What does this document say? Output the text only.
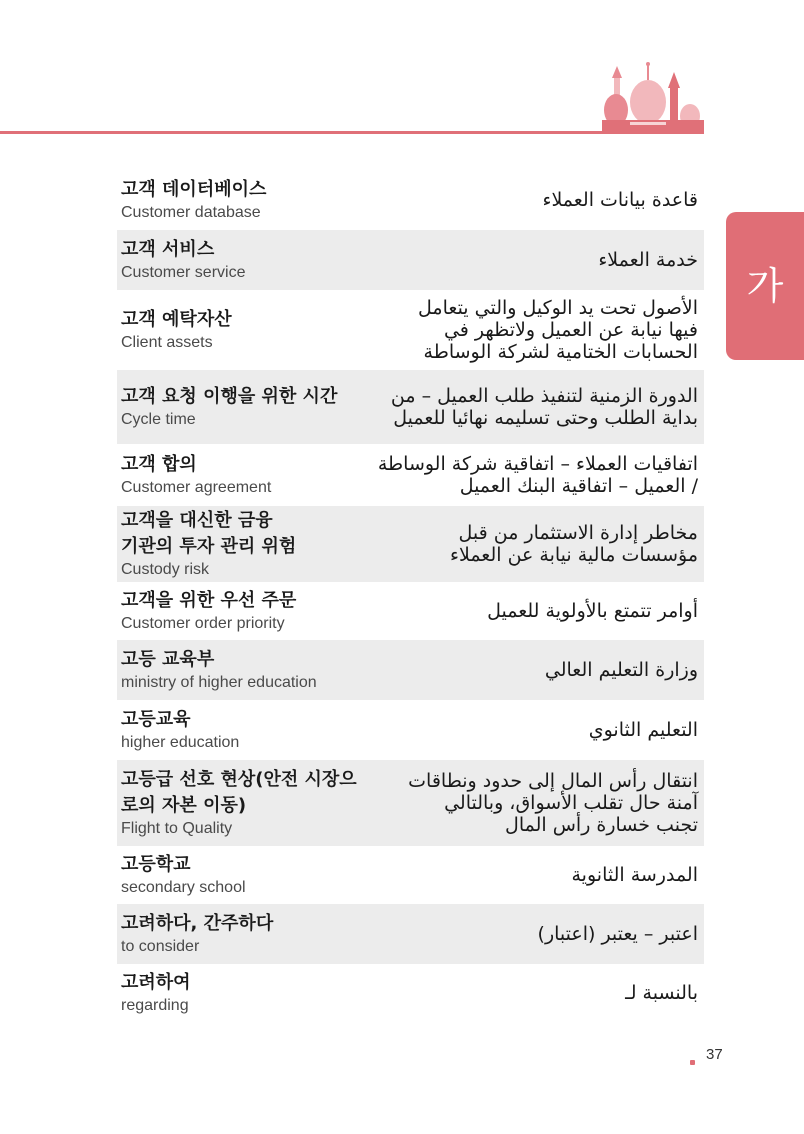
가
고객 데이터베이스
Customer database
قاعدة بيانات العملاء
고객 서비스
Customer service
خدمة العملاء
고객 예탁자산
Client assets
الأصول تحت يد الوكيل والتي يتعامل
فيها نيابة عن العميل ولاتظهر في
الحسابات الختامية لشركة الوساطة
고객 요청 이행을 위한 시간
Cycle time
الدورة الزمنية لتنفيذ طلب العميل – من
بداية الطلب وحتى تسليمه نهائيا للعميل
고객 합의
Customer agreement
اتفاقيات العملاء – اتفاقية شركة الوساطة
/ العميل – اتفاقية البنك العميل
고객을 대신한 금융
기관의 투자 관리 위험
Custody risk
مخاطر إدارة الاستثمار من قبل
مؤسسات مالية نيابة عن العملاء
고객을 위한 우선 주문
Customer order priority
أوامر تتمتع بالأولوية للعميل
고등 교육부
ministry of higher education
وزارة التعليم العالي
고등교육
higher education
التعليم الثانوي
고등급 선호 현상(안전 시장으
로의 자본 이동)
Flight to Quality
انتقال رأس المال إلى حدود ونطاقات
آمنة حال تقلب الأسواق، وبالتالي
تجنب خسارة رأس المال
고등학교
secondary school
المدرسة الثانوية
고려하다, 간주하다
to consider
اعتبر – يعتبر (اعتبار)
고려하여
regarding
بالنسبة لـ
37
